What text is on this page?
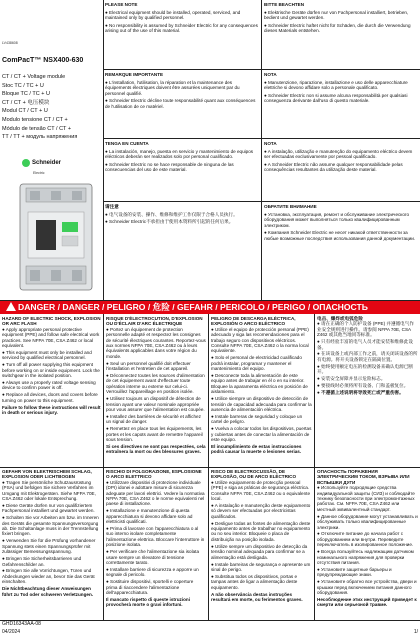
LV438608
ComPacT™ NSX400-630
CT / CT + Voltage module
Stoc TC / TC + U
Bloque TC / TC + U
CT / CT + 电压模块
Modul CT / CT + U
Modulo tensione CT / CT +
Módulo de tensão CT / CT +
ТТ / ТТ + модуль напряжения
Schneider
Electric
PLEASE NOTE

● Electrical equipment should be installed, operated, serviced, and maintained only by qualified personnel.

● No responsibility is assumed by Schneider Electric for any consequences arising out of the use of this material.

BITTE BEACHTEN

● Elektrische Geräte dürfen nur von Fachpersonal installiert, betrieben, bedient und gewartet werden.

● Schneider Electric haftet nicht für Schäden, die durch die Verwendung dieses Materials entstehen.

REMARQUE IMPORTANTE

● L'installation, l'utilisation, la réparation et la maintenance des équipements électriques doivent être assurées uniquement par du personnel qualifié.

● Schneider Electric décline toute responsabilité quant aux conséquences de l'utilisation de ce matériel.

NOTA

● Manutenzione, riparazione, installazione e uso delle apparecchiature elettriche si devono affidare solo a personale qualificato.

● Schneider Electric non si assume alcuna responsabilità per qualsiasi conseguenza derivante dall'uso di questo materiale.

TENGA EN CUENTA

● La instalación, manejo, puesta en servicio y mantenimiento de equipos eléctricos deberán ser realizados solo por personal cualificado.

● Schneider Electric no se hace responsable de ninguna de las consecuencias del uso de este material.

NOTA

● A instalação, utilização e manutenção do equipamento eléctrico devem ser efectuadas exclusivamente por pessoal qualificado.

● A Schneider Electric não assume qualquer responsabilidade pelas consequências resultantes da utilização deste material.

请注意

● 电气设备的安装、操作、维修和维护工作仅限于合格人员执行。

● Schneider Electric不承担由于使用本资料所引起的任何后果。

ОБРАТИТЕ ВНИМАНИЕ

● Установка, эксплуатация, ремонт и обслуживание электрического оборудования может выполняться только квалифицированным электриком.

● Компания Schneider Electric не несет никакой ответственности за любые возможные последствия использования данной документации.

DANGER / DANGER / PELIGRO / 危险 / GEFAHR / PERICOLO / PERIGO / ОПАСНОСТЬ
HAZARD OF ELECTRIC SHOCK, EXPLOSION OR ARC FLASH

● Apply appropriate personal protective equipment (PPE) and follow safe electrical work practices. See NFPA 70E, CSA Z462 or local equivalent.

● This equipment must only be installed and serviced by qualified electrical personnel.

● Turn off all power supplying this equipment before working on or inside equipment. Lock the switchgear in the isolated position.

● Always use a properly rated voltage sensing device to confirm power is off.

● Replace all devices, doors and covers before turning on power to this equipment.

Failure to follow these instructions will result in death or serious injury.

RISQUE D'ÉLECTROCUTION, D'EXPLOSION OU D'ÉCLAIR D'ARC ÉLECTRIQUE

● Portez un équipement de protection personnelle adapté et respectez les consignes de sécurité électriques courantes. Reportez-vous aux normes NFPA 70E, CSA Z462 ou à leurs équivalents applicables dans votre région du monde.

● Seul un personnel qualifié doit effectuer l'installation et l'entretien de cet appareil.

● Déconnectez toutes les sources d'alimentation de cet équipement avant d'effectuer toute opération interne ou externe sur celui-ci. Verrouillez l'appareillage en position isolée.

● Utilisez toujours un dispositif de détection de tension ayant une valeur nominale appropriée pour vous assurer que l'alimentation est coupée.

● Installez des barrières de sécurité et affichez un signal de danger.

● Remettez en place tous les équipements, les portes et les capots avant de remettre l'appareil sous tension.

Si ces directives ne sont pas respectées, cela entraînera la mort ou des blessures graves.

PELIGRO DE DESCARGA ELÉCTRICA, EXPLOSIÓN O ARCO ELÉCTRICO

● Utilice el equipo de protección personal (PPE) adecuado y siga las recomendaciones para el trabajo seguro con dispositivos eléctricos. Consulte NFPA 70E, CSA Z462 o la norma local equivalente.

● Solo el personal de electricidad cualificado podrá instalar, programar y mantener el mantenimiento del equipo.

● Desconecte toda la alimentación de este equipo antes de trabajar en él o en su interior. Bloquee la aparamenta eléctrica en posición de aislamiento.

● Utilice siempre un dispositivo de detección de tensión de capacidad adecuada para confirmar la ausencia de alimentación eléctrica.

● Instale barreras de seguridad y coloque un cartel de peligro.

● Vuelva a colocar todos los dispositivos, puertas y cubiertas antes de conectar la alimentación de este equipo.

El incumplimiento de estas instrucciones podrá causar la muerte o lesiones serias.

电击、爆炸或电弧危险

● 请在正确的个人防护设备 (PPE) 并遵循电气作业安全规则进行操作。请参阅 NFPA 70E, CSA Z462 或其他当地同等标准。

● 只有经验丰富的电气人员才能安装和维修此设备。

● 在该设备上或内部工作之前，请关闭该设备的所有电源。将开关设备锁定在隔离位置。

● 始终使用额定电压的检测设备来确认电源已断开。

● 安装安全屏障并显示危险标志。

● 要接线时必须将所有设备、门和盖板复位。

● 不遵循上述说明将导致死亡或严重伤害。

GEFAHR VON ELEKTRISCHEM SCHLAG, EXPLOSION ODER LICHTBOGEN

● Tragen Sie persönliche Schutzausrüstung (PSA) und befolgen Sie sichere Verfahren im Umgang mit Elektrogeräten. Siehe NFPA 70E, CSA Z462 oder lokale Entsprechung.

● Diese Geräte dürfen nur von qualifiziertem Fachpersonal installiert und gewartet werden.

● Schalten Sie vor Arbeiten am bzw. im Inneren des Geräts die gesamte Spannungsversorgung ab. Die Schaltanlage muss in der Trennstellung fixiert bringen.

● Verwenden Sie für die Prüfung vorhandener Spannung stets einen Spannungsprüfer mit zulässiger Bemessungsspannung.

● Bringen Sie Sicherheitsbarrieren und Gefahrenschilder an.

● Bringen Sie alle Vorrichtungen, Türen und Abdeckungen wieder an, bevor Sie das Gerät einschalten.

Die Nichtbeachtung dieser Anweisungen führt zu Tod oder schweren Verletzungen.

RISCHIO DI FOLGORAZIONE, ESPLOSIONE O ARCO ELETTRICO

● Utilizzare dispositivi di protezione individuale (DPI) idonei e adottare misure di sicurezza adeguate per lavori elettrici. Vedere la normativa NFPA 70E, CSA Z462 o le norme equivalenti nel paese di installazione.

● Installazione e manutenzione di questa apparecchiatura si devono affidare solo ad elettricisti qualificati.

● Prima di lavorare con l'apparecchiatura o al suo interno isolare completamente l'alimentazione elettrica. Bloccare l'interruttore in posizione isolata.

● Per verificare che l'alimentazione sia isolata usare sempre un rilevatore di tensione correttamente tarato.

● Installare barriere di sicurezza e apporre un segnale di pericolo.

● Sostituire dispositivi, sportelli e coperture prima di riaccendere l'alimentazione dell'apparecchiatura.

Il mancato rispetto di queste istruzioni provocherà morte o gravi infortuni.

RISCO DE ELECTROCUSSÃO, DE EXPLOSÃO, OU DE ARCO ELÉCTRICO

● Utilize equipamento de protecção pessoal (PPE) e siga as práticas de segurança eléctrica. Consulte NFPA 70E, CSA Z462 ou o equivalente local.

● A instalação e manutenção deste equipamento só devem ser efectuadas por electricistas qualificados.

● Desligue todas as fontes de alimentação deste equipamento antes de trabalhar no equipamento ou no seu interior. Bloqueie o placa de distribuição na posição isolada.

● Utilize sempre um dispositivo de detecção da tensão nominal adequada para confirmar se a alimentação está desligada.

● Instale barreiras de segurança e apresente um sinal de perigo.

● Substitua todos os dispositivos, portas e tampas antes de ligar a alimentação deste equipamento.

A não observância destas instruções resultará em morte, ou ferimentos graves.

ОПАСНОСТЬ ПОРАЖЕНИЯ ЭЛЕКТРИЧЕСКИМ ТОКОМ, ВЗРЫВА ИЛИ ВСПЫШКИ ДУГИ

● Используйте подходящие средства индивидуальной защиты (СИЗ) и соблюдайте технику безопасности при электромонтажных работах. См. NFPA 70E, CSA Z462 или местный эквивалентный стандарт.

● Данное оборудование могут устанавливать и обслуживать только квалифицированные электрики.

● Отключите питание до начала работ с оборудованием или внутри. Переведите переключатель в изолированное положение.

● Всегда пользуйтесь надлежащим датчиком номинального напряжения для проверки отсутствия питания.

● Установите защитные барьеры и предупреждающие знаки.

● Установите обратно все устройства, двери и крышки перед включением питания данного оборудования.

Несоблюдение этих инструкций приведет к смерти или серьезной травме.

GHD16343AA-08
04/2024	1/
